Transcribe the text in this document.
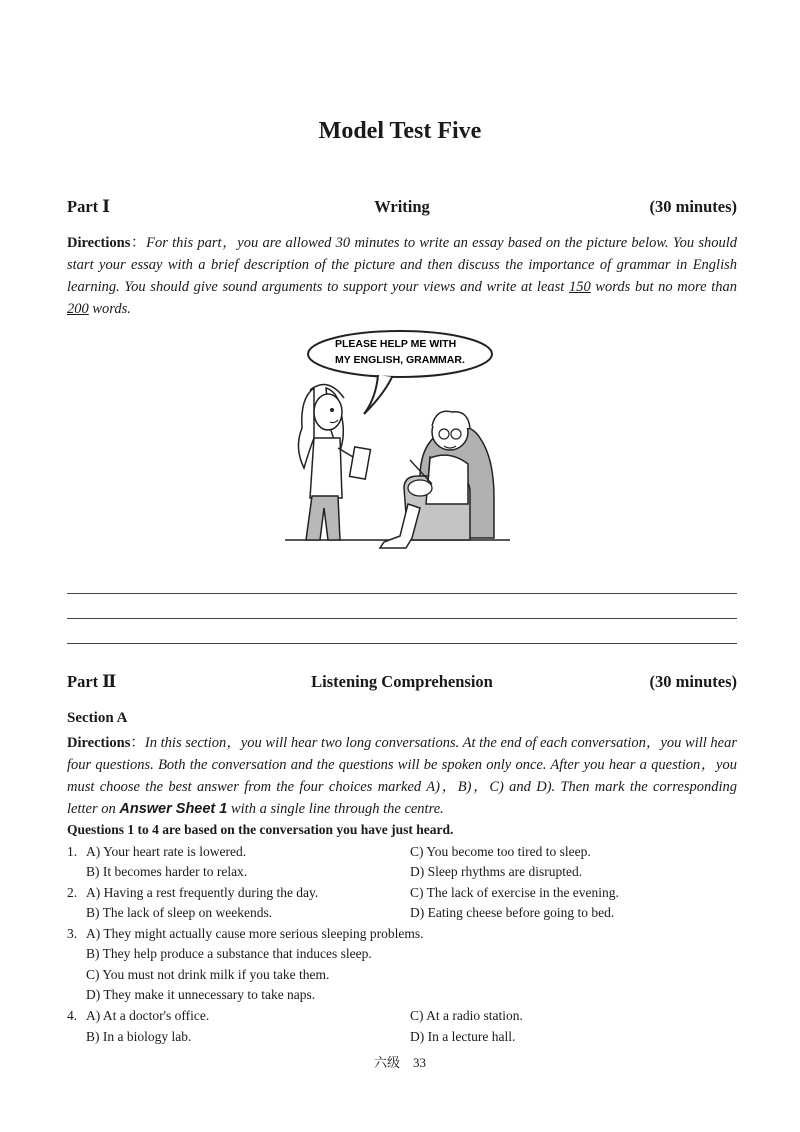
Model Test Five
Part Ⅰ	Writing	(30 minutes)
Directions：For this part，you are allowed 30 minutes to write an essay based on the picture below. You should start your essay with a brief description of the picture and then discuss the importance of grammar in English learning. You should give sound arguments to support your views and write at least 150 words but no more than 200 words.
PLEASE HELP ME WITH
MY ENGLISH, GRAMMAR.
Part Ⅱ	Listening Comprehension	(30 minutes)
Section A
Directions：In this section，you will hear two long conversations. At the end of each conversation，you will hear four questions. Both the conversation and the questions will be spoken only once. After you hear a question，you must choose the best answer from the four choices marked A)，B)，C) and D). Then mark the corresponding letter on Answer Sheet 1 with a single line through the centre.
Questions 1 to 4 are based on the conversation you have just heard.
1. A) Your heart rate is lowered.	C) You become too tired to sleep.
B) It becomes harder to relax.	D) Sleep rhythms are disrupted.
2. A) Having a rest frequently during the day.	C) The lack of exercise in the evening.
B) The lack of sleep on weekends.	D) Eating cheese before going to bed.
3. A) They might actually cause more serious sleeping problems.
B) They help produce a substance that induces sleep.
C) You must not drink milk if you take them.
D) They make it unnecessary to take naps.
4. A) At a doctor's office.	C) At a radio station.
B) In a biology lab.	D) In a lecture hall.
六级　33
